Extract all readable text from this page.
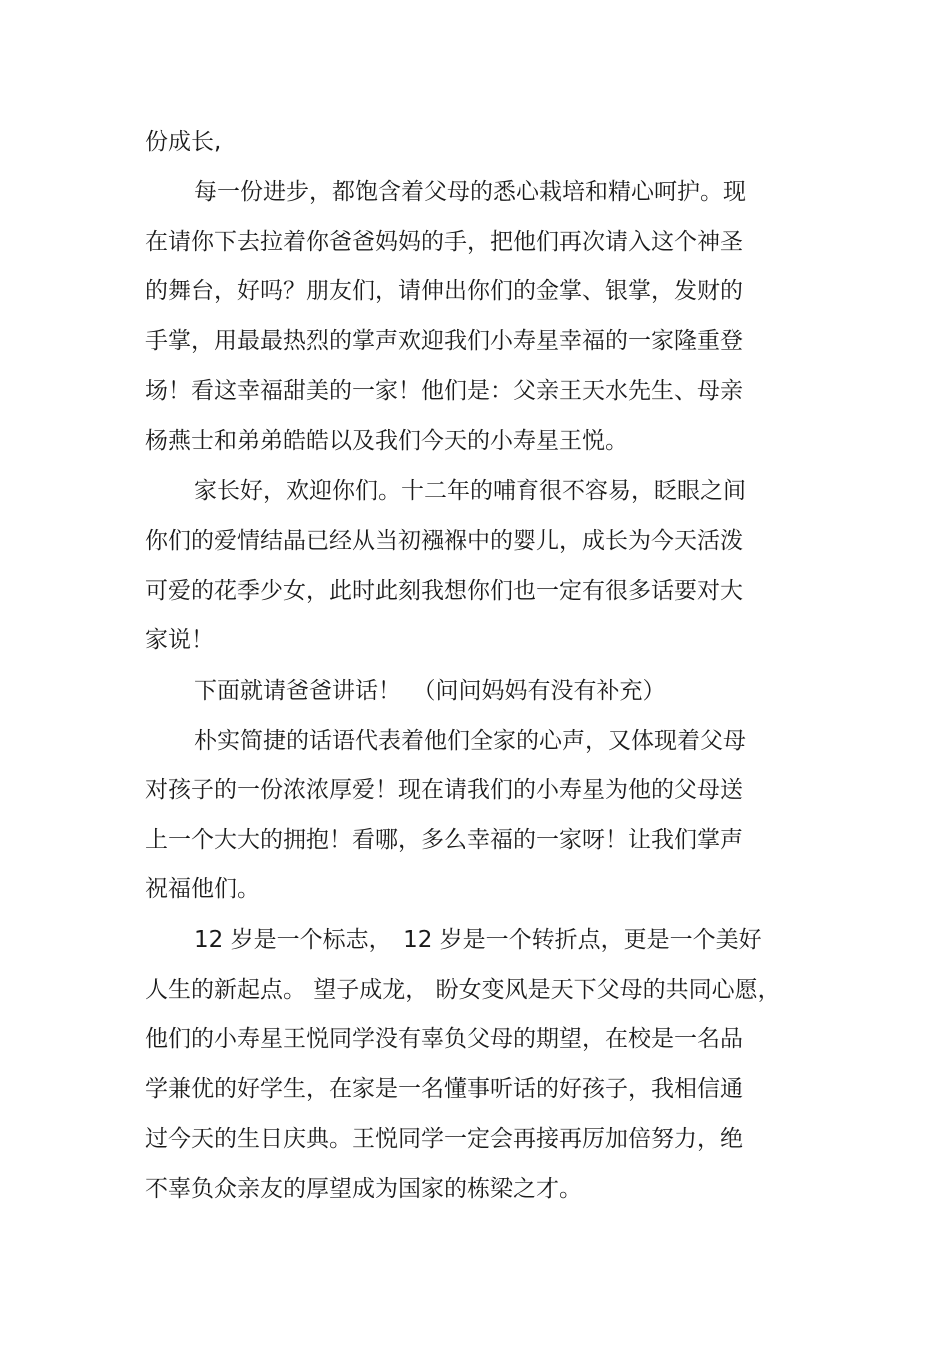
份成长,

每一份进步，都饱含着父母的悉心栽培和精心呵护。现

在请你下去拉着你爸爸妈妈的手，把他们再次请入这个神圣

的舞台，好吗？朋友们，请伸出你们的金掌、银掌，发财的

手掌，用最最热烈的掌声欢迎我们小寿星幸福的一家隆重登

场！看这幸福甜美的一家！他们是：父亲王天水先生、母亲

杨燕士和弟弟皓皓以及我们今天的小寿星王悦。

家长好，欢迎你们。十二年的哺育很不容易，眨眼之间

你们的爱情结晶已经从当初襁褓中的婴儿，成长为今天活泼

可爱的花季少女，此时此刻我想你们也一定有很多话要对大

家说！

下面就请爸爸讲话！　（问问妈妈有没有补充）

朴实简捷的话语代表着他们全家的心声，又体现着父母

对孩子的一份浓浓厚爱！现在请我们的小寿星为他的父母送

上一个大大的拥抱！看哪，多么幸福的一家呀！让我们掌声

祝福他们。

12 岁是一个标志，　12 岁是一个转折点，更是一个美好

人生的新起点。 望子成龙， 盼女变风是天下父母的共同心愿，

他们的小寿星王悦同学没有辜负父母的期望，在校是一名品

学兼优的好学生，在家是一名懂事听话的好孩子，我相信通

过今天的生日庆典。王悦同学一定会再接再厉加倍努力，绝

不辜负众亲友的厚望成为国家的栋梁之才。
